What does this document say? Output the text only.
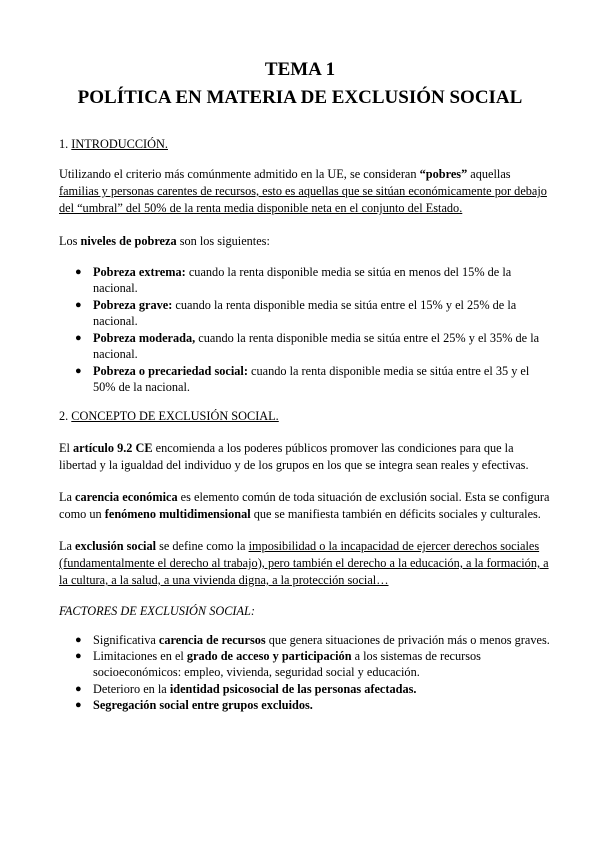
TEMA 1
POLÍTICA EN MATERIA DE EXCLUSIÓN SOCIAL
1. INTRODUCCIÓN.
Utilizando el criterio más comúnmente admitido en la UE, se consideran “pobres” aquellas
familias y personas carentes de recursos, esto es aquellas que se sitúan económicamente por debajo
del “umbral” del 50% de la renta media disponible neta en el conjunto del Estado.
Los niveles de pobreza son los siguientes:
● Pobreza extrema: cuando la renta disponible media se sitúa en menos del 15% de la
nacional.
● Pobreza grave: cuando la renta disponible media se sitúa entre el 15% y el 25% de la
nacional.
● Pobreza moderada, cuando la renta disponible media se sitúa entre el 25% y el 35% de la
nacional.
● Pobreza o precariedad social: cuando la renta disponible media se sitúa entre el 35 y el
50% de la nacional.
2. CONCEPTO DE EXCLUSIÓN SOCIAL.
El artículo 9.2 CE encomienda a los poderes públicos promover las condiciones para que la
libertad y la igualdad del individuo y de los grupos en los que se integra sean reales y efectivas.
La carencia económica es elemento común de toda situación de exclusión social. Esta se configura
como un fenómeno multidimensional que se manifiesta también en déficits sociales y culturales.
La exclusión social se define como la imposibilidad o la incapacidad de ejercer derechos sociales
(fundamentalmente el derecho al trabajo), pero también el derecho a la educación, a la formación, a
la cultura, a la salud, a una vivienda digna, a la protección social…
FACTORES DE EXCLUSIÓN SOCIAL:
● Significativa carencia de recursos que genera situaciones de privación más o menos graves.
● Limitaciones en el grado de acceso y participación a los sistemas de recursos
socioeconómicos: empleo, vivienda, seguridad social y educación.
● Deterioro en la identidad psicosocial de las personas afectadas.
● Segregación social entre grupos excluidos.
